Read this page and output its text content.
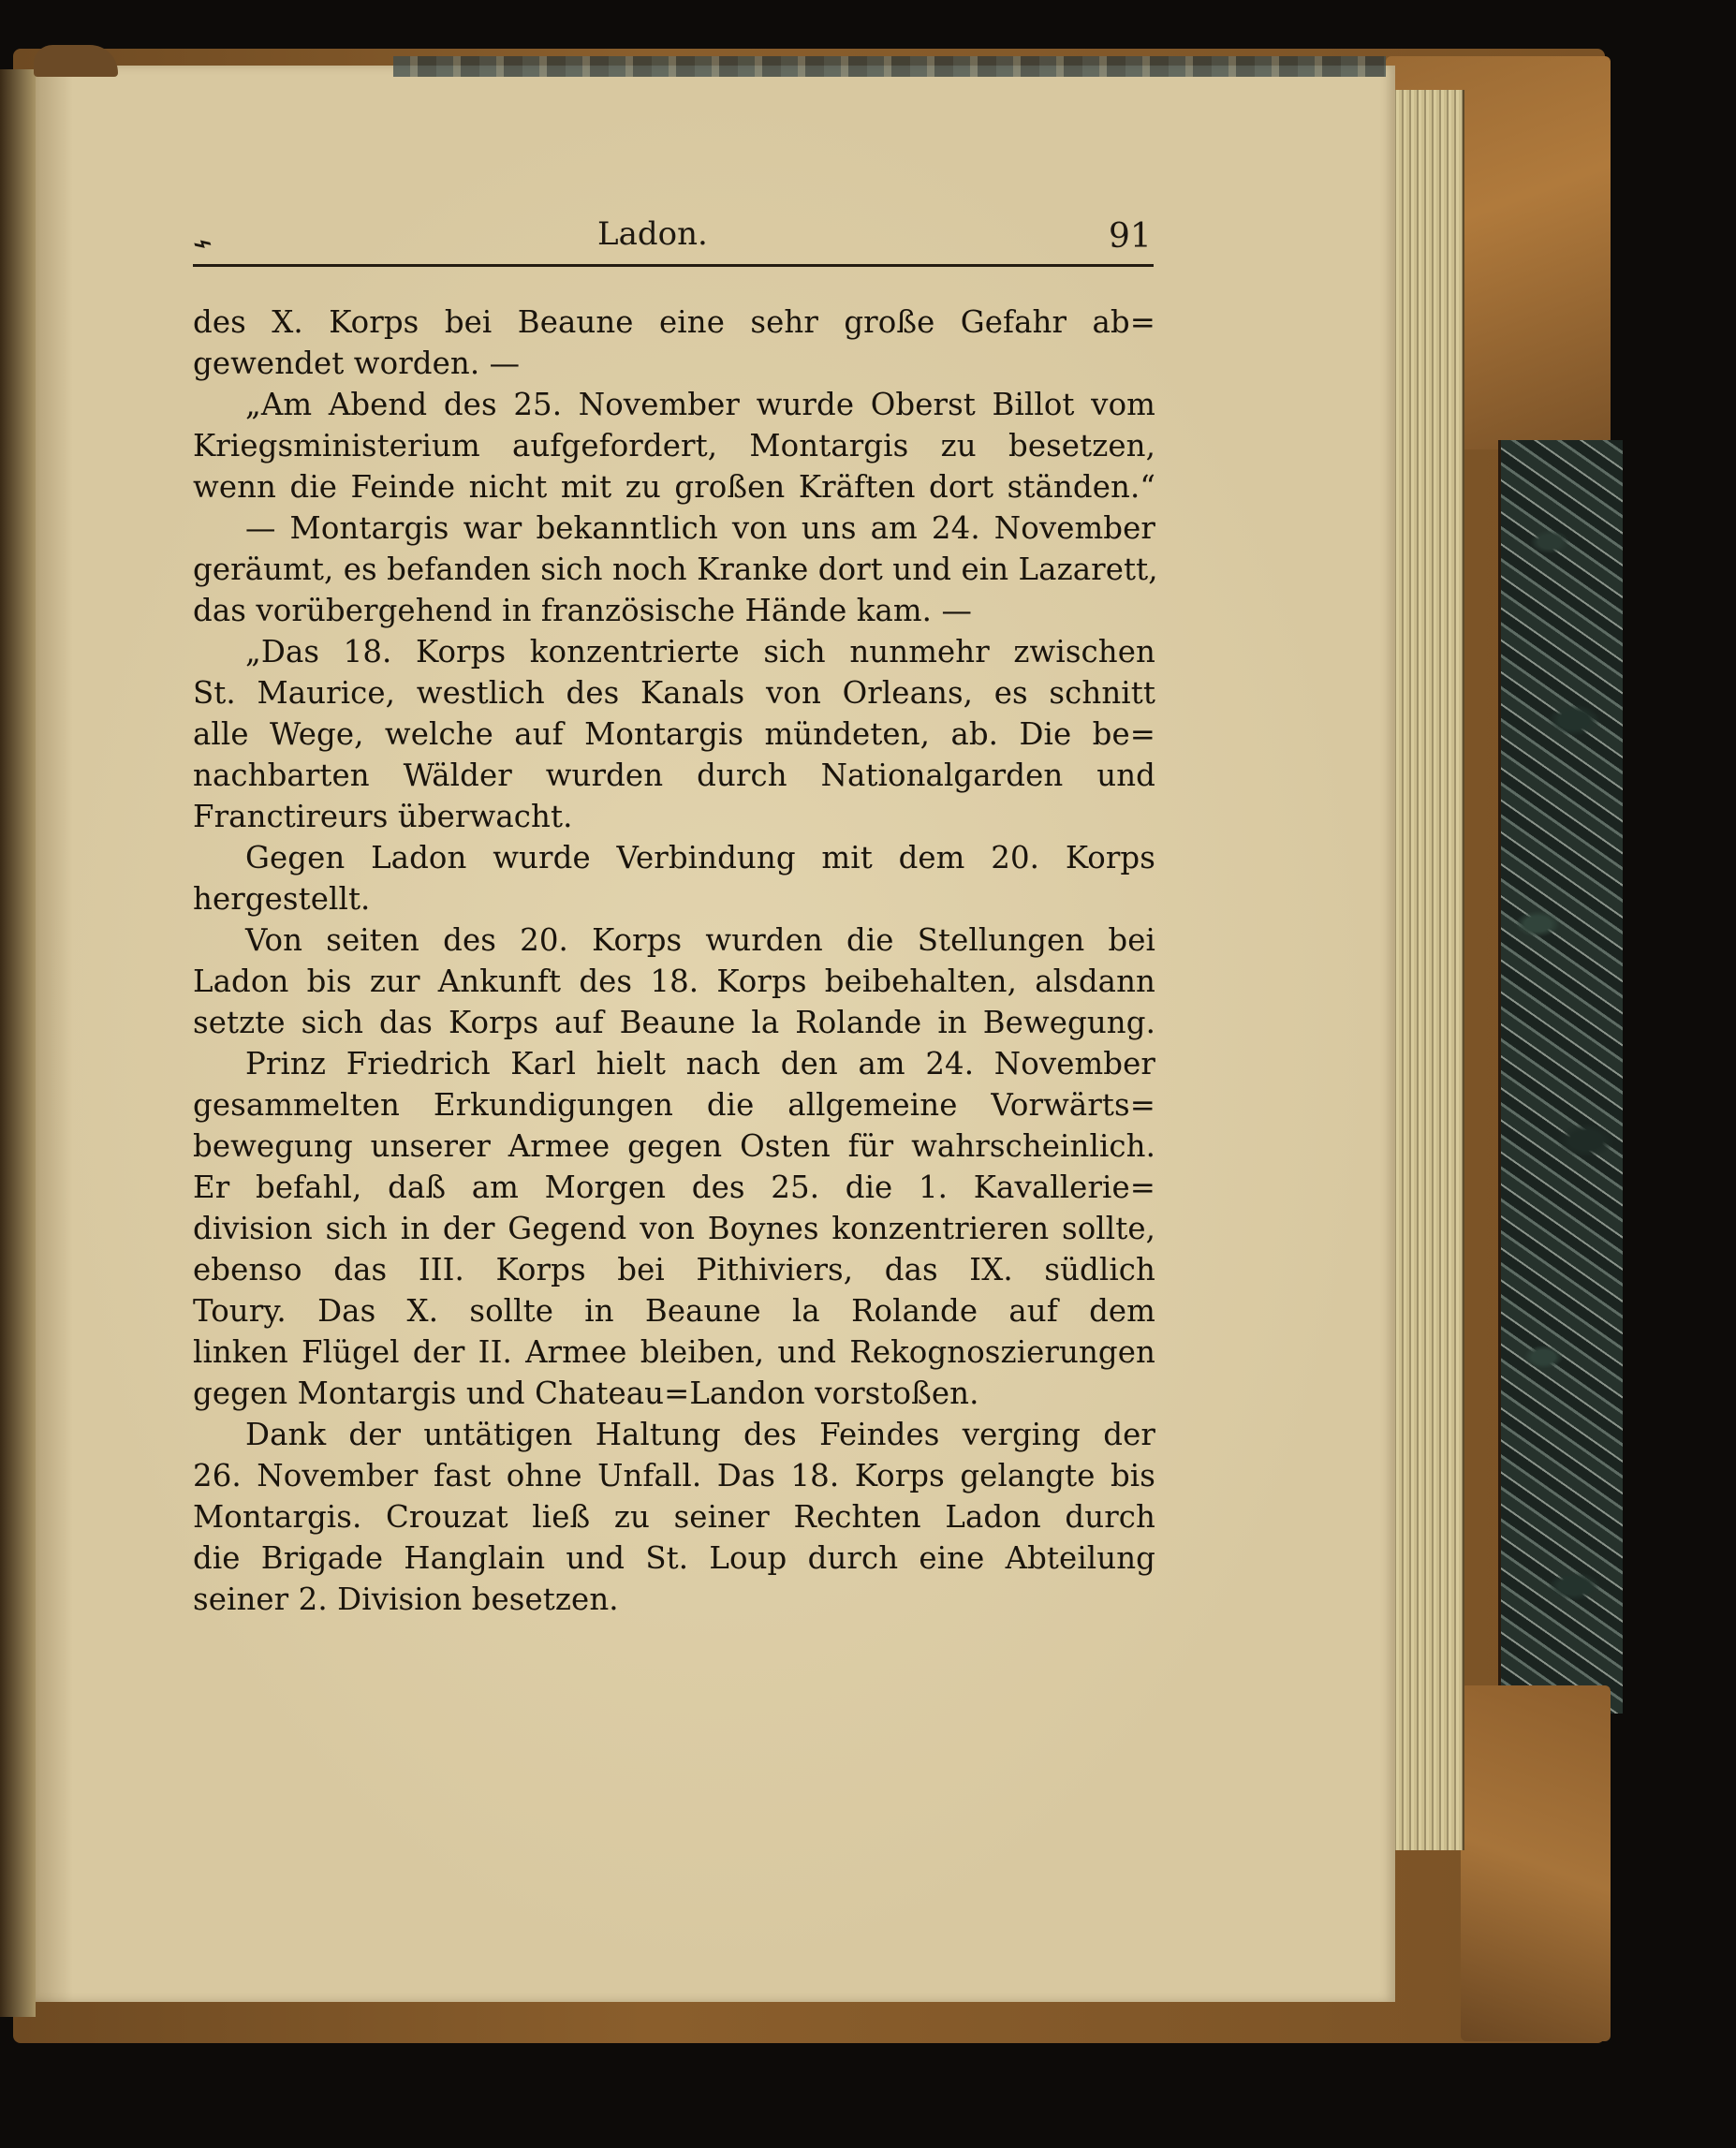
⌁	Ladon.	91
des X. Korps bei Beaune eine sehr große Gefahr ab=
gewendet worden. —
„Am Abend des 25. November wurde Oberst Billot vom
Kriegsministerium aufgefordert, Montargis zu besetzen,
wenn die Feinde nicht mit zu großen Kräften dort ständen.“
— Montargis war bekanntlich von uns am 24. November
geräumt, es befanden sich noch Kranke dort und ein Lazarett,
das vorübergehend in französische Hände kam. —
„Das 18. Korps konzentrierte sich nunmehr zwischen
St. Maurice, westlich des Kanals von Orleans, es schnitt
alle Wege, welche auf Montargis mündeten, ab. Die be=
nachbarten Wälder wurden durch Nationalgarden und
Franctireurs überwacht.
Gegen Ladon wurde Verbindung mit dem 20. Korps
hergestellt.
Von seiten des 20. Korps wurden die Stellungen bei
Ladon bis zur Ankunft des 18. Korps beibehalten, alsdann
setzte sich das Korps auf Beaune la Rolande in Bewegung.
Prinz Friedrich Karl hielt nach den am 24. November
gesammelten Erkundigungen die allgemeine Vorwärts=
bewegung unserer Armee gegen Osten für wahrscheinlich.
Er befahl, daß am Morgen des 25. die 1. Kavallerie=
division sich in der Gegend von Boynes konzentrieren sollte,
ebenso das III. Korps bei Pithiviers, das IX. südlich
Toury. Das X. sollte in Beaune la Rolande auf dem
linken Flügel der II. Armee bleiben, und Rekognoszierungen
gegen Montargis und Chateau=Landon vorstoßen.
Dank der untätigen Haltung des Feindes verging der
26. November fast ohne Unfall. Das 18. Korps gelangte bis
Montargis. Crouzat ließ zu seiner Rechten Ladon durch
die Brigade Hanglain und St. Loup durch eine Abteilung
seiner 2. Division besetzen.
